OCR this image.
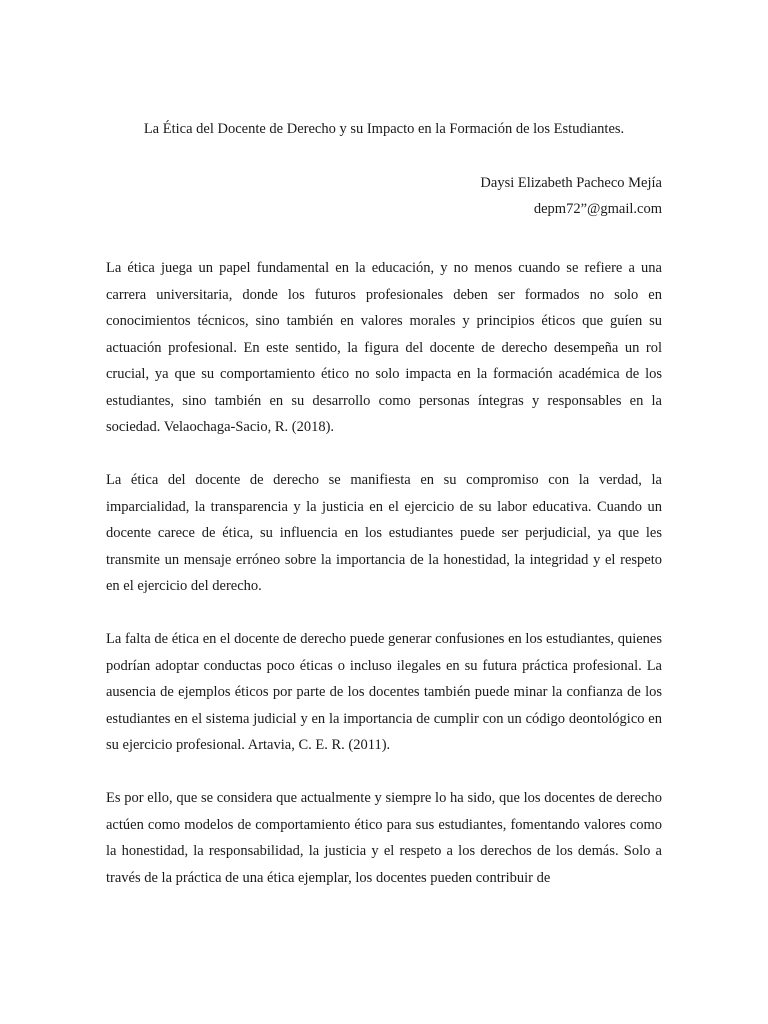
La Ética del Docente de Derecho y su Impacto en la Formación de los Estudiantes.

Daysi Elizabeth Pacheco Mejía
depm72”@gmail.com

La ética juega un papel fundamental en la educación, y no menos cuando se refiere a una carrera universitaria, donde los futuros profesionales deben ser formados no solo en conocimientos técnicos, sino también en valores morales y principios éticos que guíen su actuación profesional. En este sentido, la figura del docente de derecho desempeña un rol crucial, ya que su comportamiento ético no solo impacta en la formación académica de los estudiantes, sino también en su desarrollo como personas íntegras y responsables en la sociedad. Velaochaga-Sacio, R. (2018).

La ética del docente de derecho se manifiesta en su compromiso con la verdad, la imparcialidad, la transparencia y la justicia en el ejercicio de su labor educativa. Cuando un docente carece de ética, su influencia en los estudiantes puede ser perjudicial, ya que les transmite un mensaje erróneo sobre la importancia de la honestidad, la integridad y el respeto en el ejercicio del derecho.

La falta de ética en el docente de derecho puede generar confusiones en los estudiantes, quienes podrían adoptar conductas poco éticas o incluso ilegales en su futura práctica profesional. La ausencia de ejemplos éticos por parte de los docentes también puede minar la confianza de los estudiantes en el sistema judicial y en la importancia de cumplir con un código deontológico en su ejercicio profesional. Artavia, C. E. R. (2011).

Es por ello, que se considera que actualmente y siempre lo ha sido, que los docentes de derecho actúen como modelos de comportamiento ético para sus estudiantes, fomentando valores como la honestidad, la responsabilidad, la justicia y el respeto a los derechos de los demás. Solo a través de la práctica de una ética ejemplar, los docentes pueden contribuir de
